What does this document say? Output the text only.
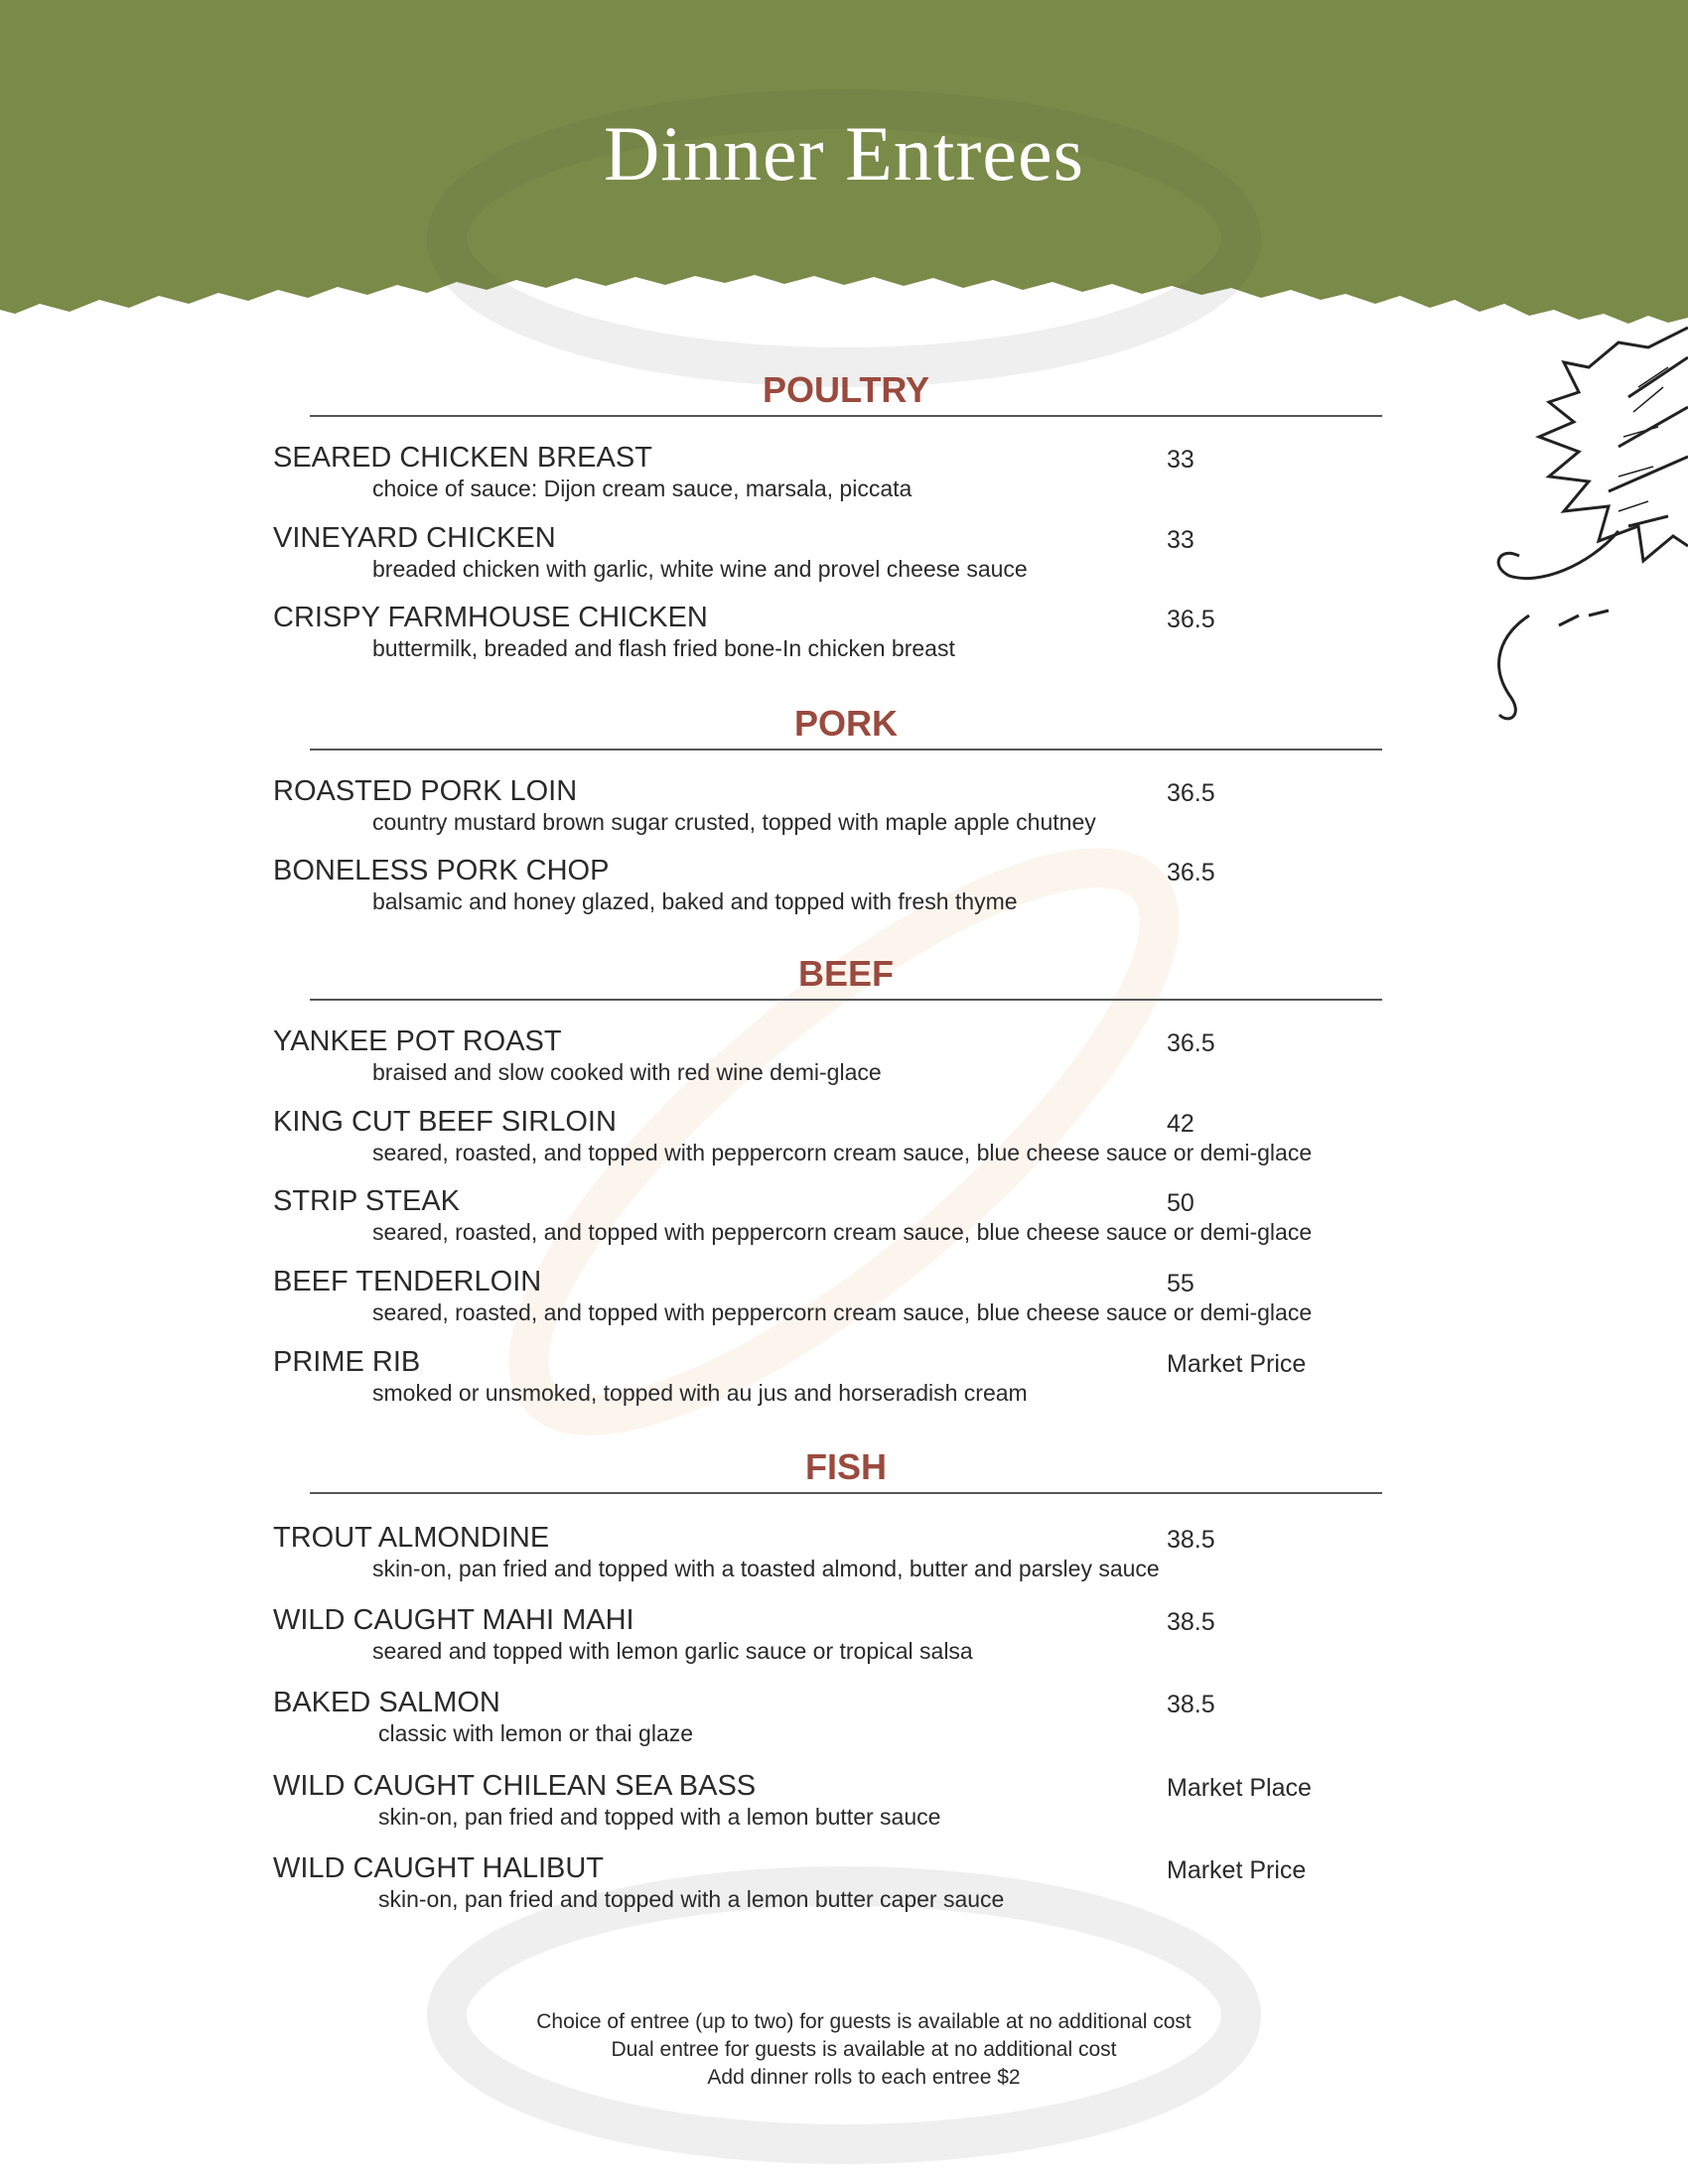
Dinner Entrees
POULTRY
SEARED CHICKEN BREAST	33
choice of sauce: Dijon cream sauce, marsala, piccata
VINEYARD CHICKEN	33
breaded chicken with garlic, white wine and provel cheese sauce
CRISPY FARMHOUSE CHICKEN	36.5
buttermilk, breaded and flash fried bone-In chicken breast
PORK
ROASTED PORK LOIN	36.5
country mustard brown sugar crusted, topped with maple apple chutney
BONELESS PORK CHOP	36.5
balsamic and honey glazed, baked and topped with fresh thyme
BEEF
YANKEE POT ROAST	36.5
braised and slow cooked with red wine demi-glace
KING CUT BEEF SIRLOIN	42
seared, roasted, and topped with peppercorn cream sauce, blue cheese sauce or demi-glace
STRIP STEAK	50
seared, roasted, and topped with peppercorn cream sauce, blue cheese sauce or demi-glace
BEEF TENDERLOIN	55
seared, roasted, and topped with peppercorn cream sauce, blue cheese sauce or demi-glace
PRIME RIB	Market Price
smoked or unsmoked, topped with au jus and horseradish cream
FISH
TROUT ALMONDINE	38.5
skin-on, pan fried and topped with a toasted almond, butter and parsley sauce
WILD CAUGHT MAHI MAHI	38.5
seared and topped with lemon garlic sauce or tropical salsa
BAKED SALMON	38.5
classic with lemon or thai glaze
WILD CAUGHT CHILEAN SEA BASS	Market Place
skin-on, pan fried and topped with a lemon butter sauce
WILD CAUGHT HALIBUT	Market Price
skin-on, pan fried and topped with a lemon butter caper sauce
Choice of entree (up to two) for guests is available at no additional cost
Dual entree for guests is available at no additional cost
Add dinner rolls to each entree $2
